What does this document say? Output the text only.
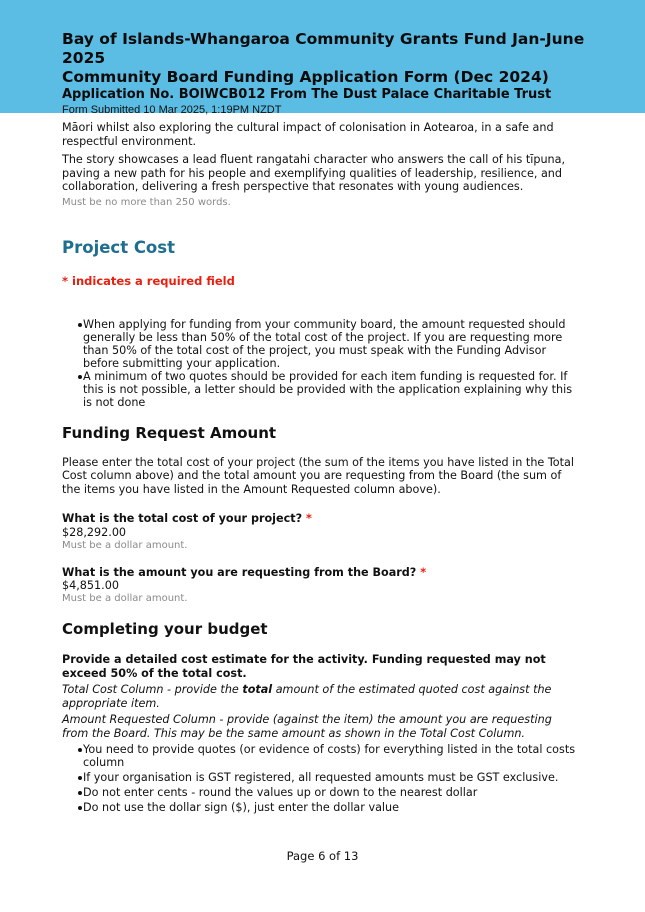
Bay of Islands-Whangaroa Community Grants Fund Jan-June 2025
Community Board Funding Application Form (Dec 2024)
Application No. BOIWCB012 From The Dust Palace Charitable Trust
Form Submitted 10 Mar 2025, 1:19PM NZDT

Māori whilst also exploring the cultural impact of colonisation in Aotearoa, in a safe and respectful environment.

The story showcases a lead fluent rangatahi character who answers the call of his tīpuna, paving a new path for his people and exemplifying qualities of leadership, resilience, and collaboration, delivering a fresh perspective that resonates with young audiences.

Must be no more than 250 words.
Project Cost
* indicates a required field
When applying for funding from your community board, the amount requested should generally be less than 50% of the total cost of the project. If you are requesting more than 50% of the total cost of the project, you must speak with the Funding Advisor before submitting your application.
A minimum of two quotes should be provided for each item funding is requested for. If this is not possible, a letter should be provided with the application explaining why this is not done
Funding Request Amount

Please enter the total cost of your project (the sum of the items you have listed in the Total Cost column above) and the total amount you are requesting from the Board (the sum of the items you have listed in the Amount Requested column above).

What is the total cost of your project? *
$28,292.00
Must be a dollar amount.
What is the amount you are requesting from the Board? *
$4,851.00
Must be a dollar amount.
Completing your budget

Provide a detailed cost estimate for the activity. Funding requested may not exceed 50% of the total cost.

Total Cost Column - provide the total amount of the estimated quoted cost against the appropriate item.

Amount Requested Column - provide (against the item) the amount you are requesting from the Board. This may be the same amount as shown in the Total Cost Column.

You need to provide quotes (or evidence of costs) for everything listed in the total costs column
If your organisation is GST registered, all requested amounts must be GST exclusive.
Do not enter cents - round the values up or down to the nearest dollar
Do not use the dollar sign ($), just enter the dollar value
Page 6 of 13
